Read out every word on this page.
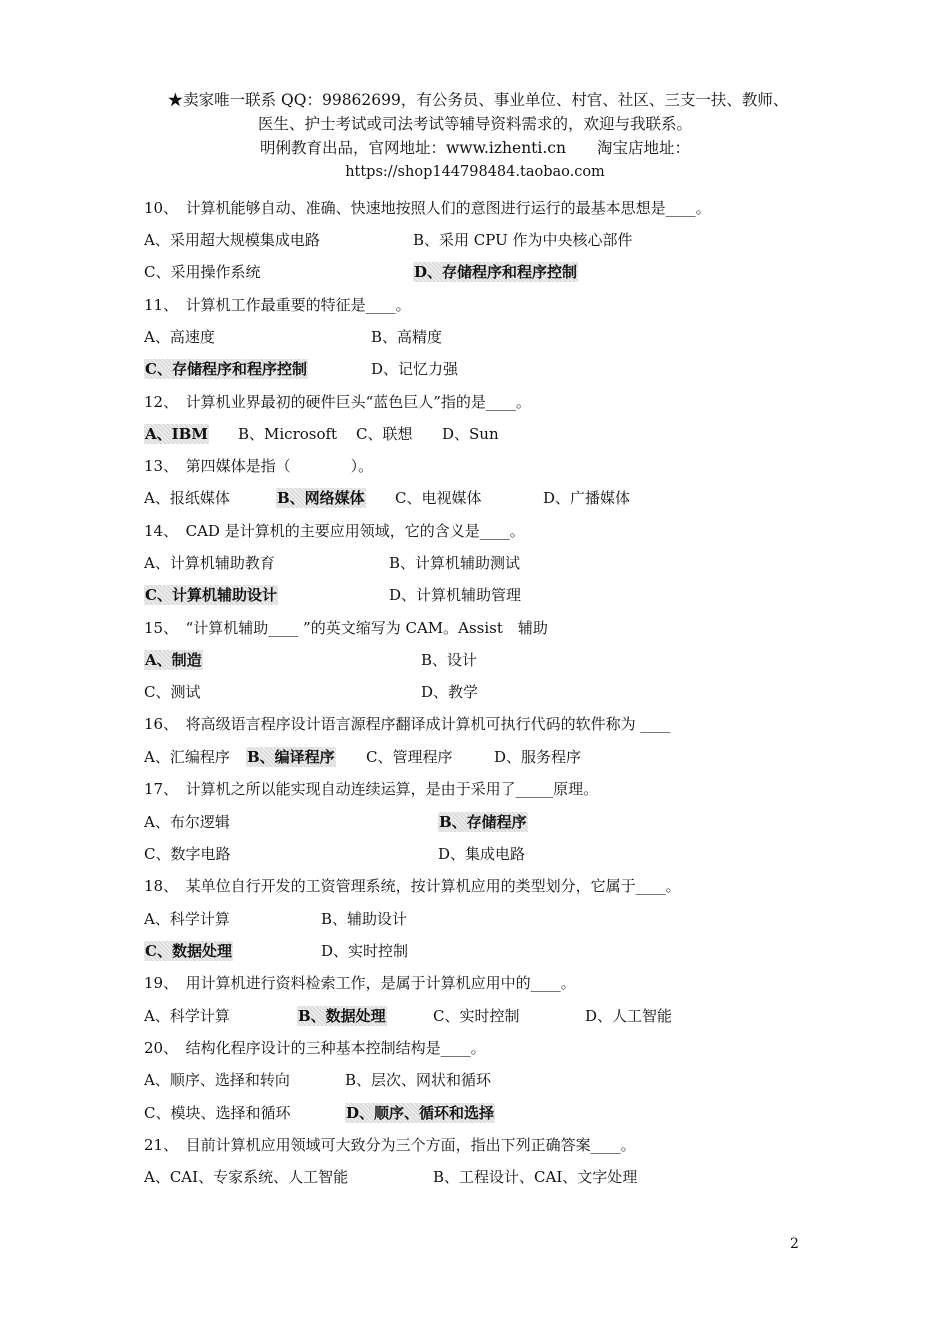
★卖家唯一联系 QQ：99862699，有公务员、事业单位、村官、社区、三支一扶、教师、
医生、护士考试或司法考试等辅导资料需求的，欢迎与我联系。
明俐教育出品，官网地址：www.izhenti.cn　　淘宝店地址：
https://shop144798484.taobao.com
10、　计算机能够自动、准确、快速地按照人们的意图进行运行的最基本思想是____。
A、采用超大规模集成电路	B、采用 CPU 作为中央核心部件
C、采用操作系统	D、存储程序和程序控制
11、　计算机工作最重要的特征是____。
A、高速度	B、高精度
C、存储程序和程序控制	D、记忆力强
12、　计算机业界最初的硬件巨头“蓝色巨人”指的是____。
A、IBM B、Microsoft C、联想 D、Sun
13、　第四媒体是指（　　　　）。
A、报纸媒体	B、网络媒体 C、电视媒体	D、广播媒体
14、　CAD 是计算机的主要应用领域，它的含义是____。
A、计算机辅助教育	B、计算机辅助测试
C、计算机辅助设计	D、计算机辅助管理
15、　“计算机辅助____ ”的英文缩写为 CAM。Assist　辅助
A、制造	B、设计
C、测试	D、教学
16、　将高级语言程序设计语言源程序翻译成计算机可执行代码的软件称为 ____
A、汇编程序 B、编译程序 C、管理程序	D、服务程序
17、　计算机之所以能实现自动连续运算，是由于采用了_____原理。
A、布尔逻辑	B、存储程序
C、数字电路	D、集成电路
18、　某单位自行开发的工资管理系统，按计算机应用的类型划分，它属于____。
A、科学计算	B、辅助设计
C、数据处理	D、实时控制
19、　用计算机进行资料检索工作，是属于计算机应用中的____。
A、科学计算	B、数据处理	C、实时控制	D、人工智能
20、　结构化程序设计的三种基本控制结构是____。
A、顺序、选择和转向	B、层次、网状和循环
C、模块、选择和循环	D、顺序、循环和选择
21、　目前计算机应用领域可大致分为三个方面，指出下列正确答案____。
A、CAI、专家系统、人工智能	B、工程设计、CAI、文字处理
2
